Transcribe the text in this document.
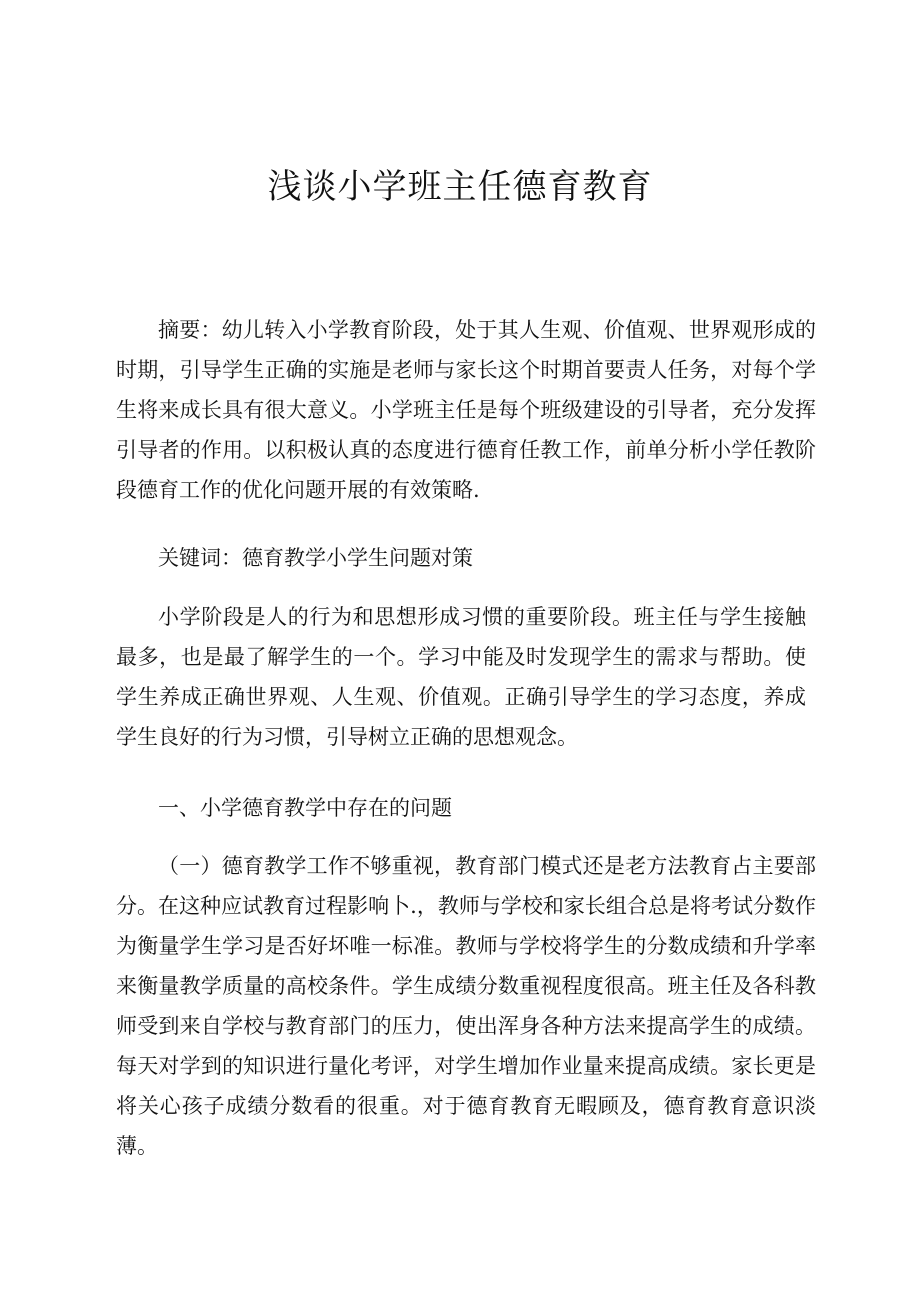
浅谈小学班主任德育教育

摘要：幼儿转入小学教育阶段，处于其人生观、价值观、世界观形成的时期，引导学生正确的实施是老师与家长这个时期首要责人任务，对每个学生将来成长具有很大意义。小学班主任是每个班级建设的引导者，充分发挥引导者的作用。以积极认真的态度进行德育任教工作，前单分析小学任教阶段德育工作的优化问题开展的有效策略.

关键词：德育教学小学生问题对策

小学阶段是人的行为和思想形成习惯的重要阶段。班主任与学生接触最多，也是最了解学生的一个。学习中能及时发现学生的需求与帮助。使学生养成正确世界观、人生观、价值观。正确引导学生的学习态度，养成学生良好的行为习惯，引导树立正确的思想观念。

一、小学德育教学中存在的问题

（一）德育教学工作不够重视，教育部门模式还是老方法教育占主要部分。在这种应试教育过程影响卜.，教师与学校和家长组合总是将考试分数作为衡量学生学习是否好坏唯一标准。教师与学校将学生的分数成绩和升学率来衡量教学质量的高校条件。学生成绩分数重视程度很高。班主任及各科教师受到来自学校与教育部门的压力，使出浑身各种方法来提高学生的成绩。每天对学到的知识进行量化考评，对学生增加作业量来提高成绩。家长更是将关心孩子成绩分数看的很重。对于德育教育无暇顾及，德育教育意识淡薄。
